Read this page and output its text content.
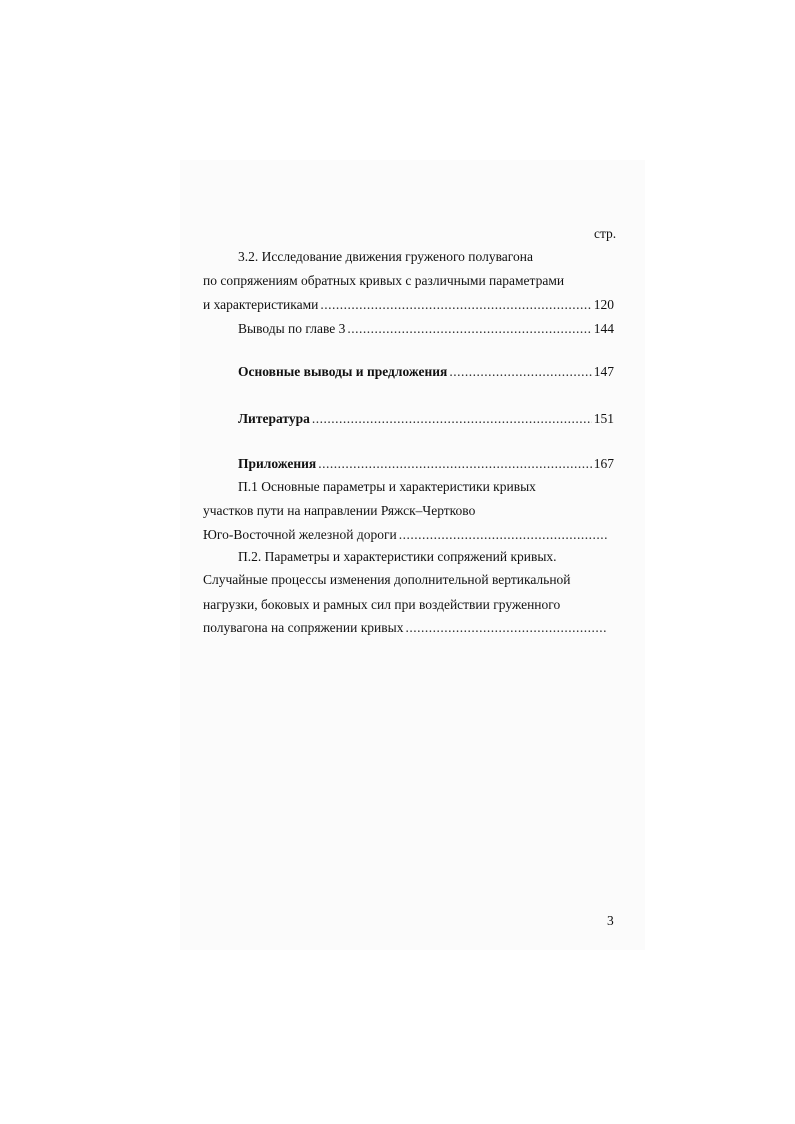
стр.
3.2. Исследование движения груженого полувагона
по сопряжениям обратных кривых с различными параметрами
и характеристиками .....	120
Выводы по главе 3 .....	144
Основные выводы и предложения .....	147
Литература .....	151
Приложения .....	167
П.1 Основные параметры и характеристики кривых
участков пути на направлении Ряжск–Чертково
Юго-Восточной железной дороги
.....
П.2. Параметры и характеристики сопряжений кривых.
Случайные процессы изменения дополнительной вертикальной
нагрузки, боковых и рамных сил при воздействии груженного
полувагона на сопряжении кривых
.....
3
